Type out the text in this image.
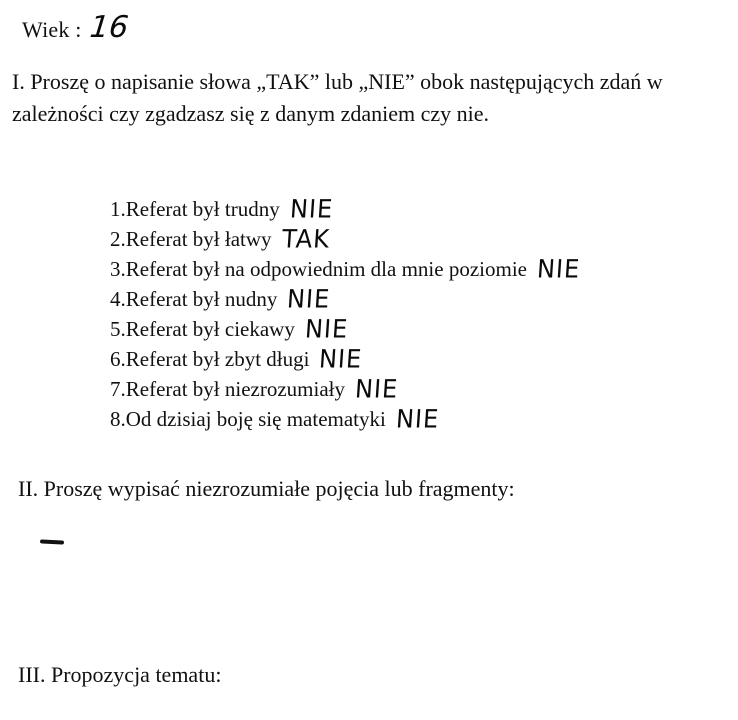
Wiek : 16
I. Proszę o napisanie słowa „TAK” lub „NIE” obok następujących zdań w zależności czy zgadzasz się z danym zdaniem czy nie.
1.Referat był trudny NIE
2.Referat był łatwy TAK
3.Referat był na odpowiednim dla mnie poziomie NIE
4.Referat był nudny NIE
5.Referat był ciekawy NIE
6.Referat był zbyt długi NIE
7.Referat był niezrozumiały NIE
8.Od dzisiaj boję się matematyki NIE
II. Proszę wypisać niezrozumiałe pojęcia lub fragmenty:
III. Propozycja tematu:
